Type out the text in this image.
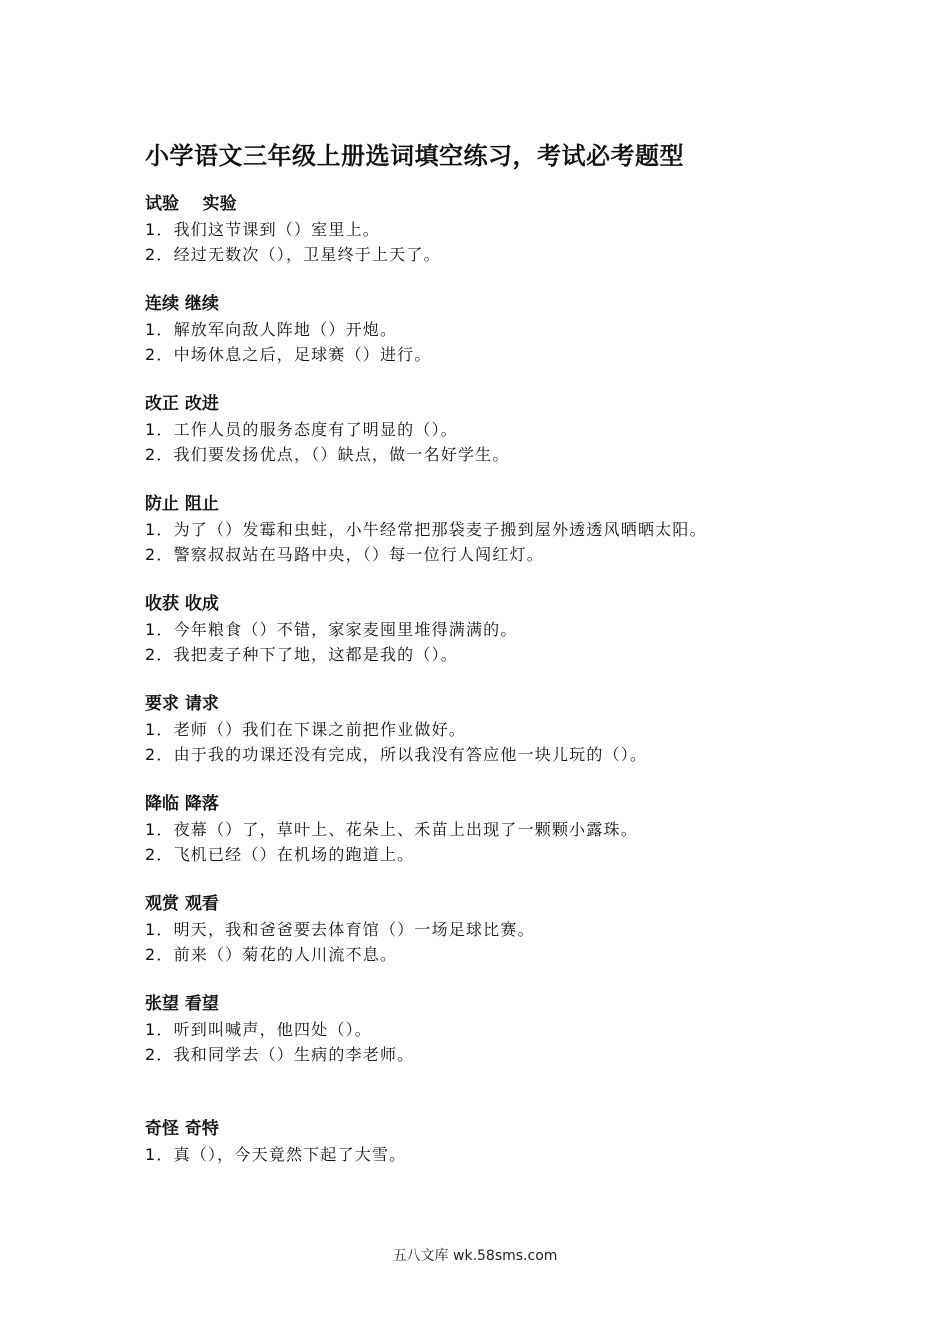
小学语文三年级上册选词填空练习，考试必考题型
试验    实验
1．我们这节课到（）室里上。
2．经过无数次（），卫星终于上天了。
连续 继续
1．解放军向敌人阵地（）开炮。
2．中场休息之后，足球赛（）进行。
改正 改进
1．工作人员的服务态度有了明显的（）。
2．我们要发扬优点，（）缺点，做一名好学生。
防止 阻止
1．为了（）发霉和虫蛀，小牛经常把那袋麦子搬到屋外透透风晒晒太阳。
2．警察叔叔站在马路中央，（）每一位行人闯红灯。
收获 收成
1．今年粮食（）不错，家家麦囤里堆得满满的。
2．我把麦子种下了地，这都是我的（）。
要求 请求
1．老师（）我们在下课之前把作业做好。
2．由于我的功课还没有完成，所以我没有答应他一块儿玩的（）。
降临 降落
1．夜幕（）了，草叶上、花朵上、禾苗上出现了一颗颗小露珠。
2．飞机已经（）在机场的跑道上。
观赏 观看
1．明天，我和爸爸要去体育馆（）一场足球比赛。
2．前来（）菊花的人川流不息。
张望 看望
1．听到叫喊声，他四处（）。
2．我和同学去（）生病的李老师。
奇怪 奇特
1．真（），今天竟然下起了大雪。
五八文库 wk.58sms.com
